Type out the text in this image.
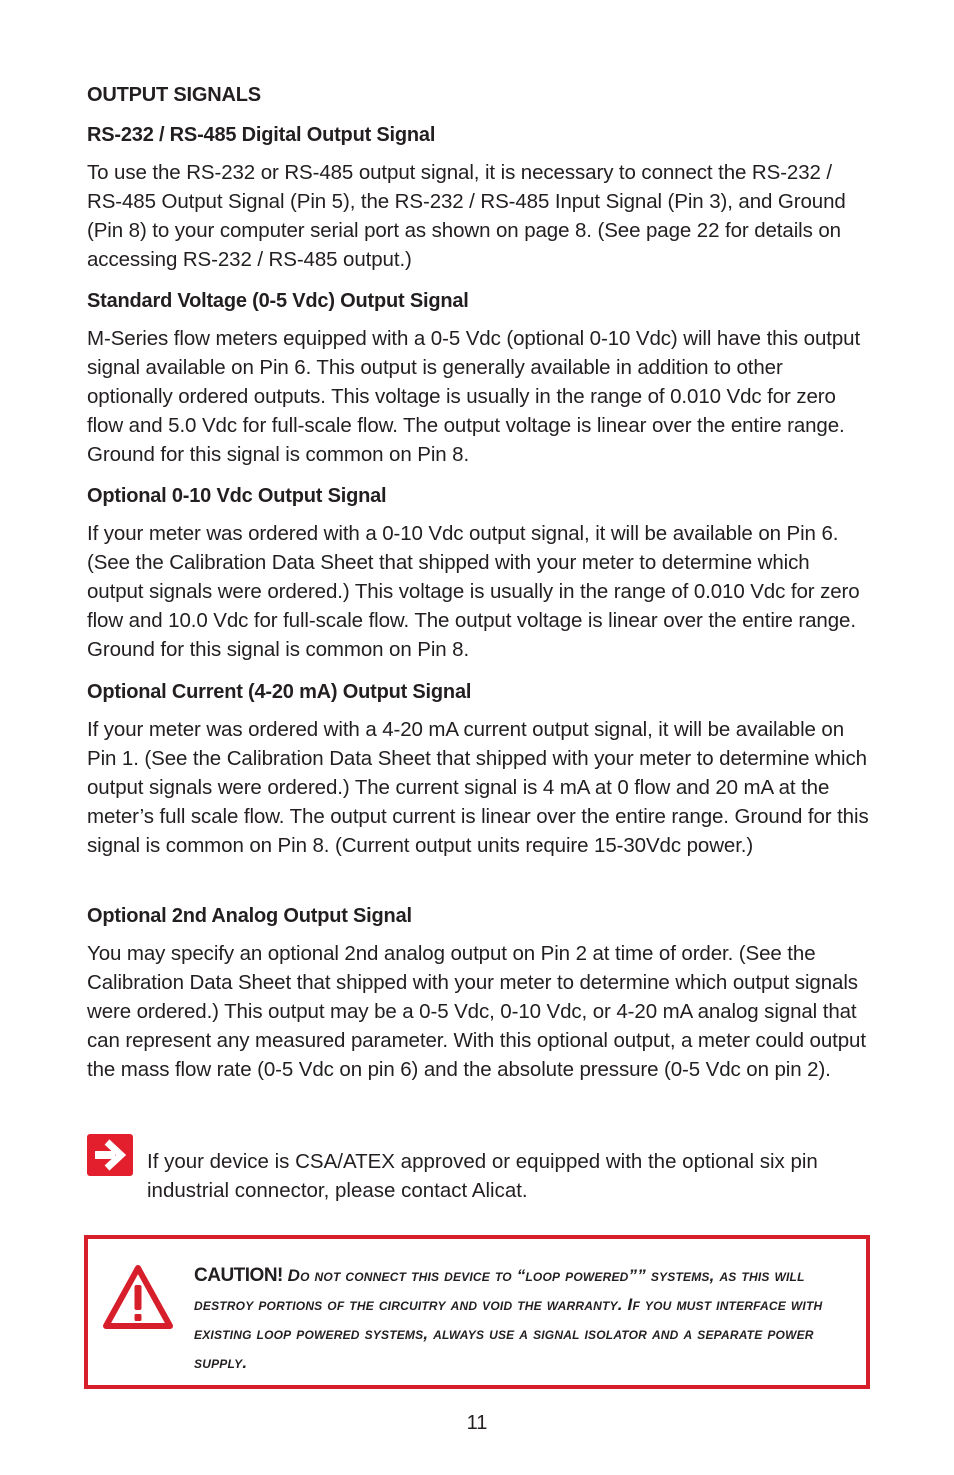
OUTPUT SIGNALS
RS-232 / RS-485 Digital Output Signal

To use the RS-232 or RS-485 output signal, it is necessary to connect the RS-232 / RS-485 Output Signal (Pin 5), the RS-232 / RS-485 Input Signal (Pin 3), and Ground (Pin 8) to your computer serial port as shown on page 8. (See page 22 for details on accessing RS-232 / RS-485 output.)

Standard Voltage (0-5 Vdc) Output Signal

M-Series flow meters equipped with a 0-5 Vdc (optional 0-10 Vdc) will have this output signal available on Pin 6. This output is generally available in addition to other optionally ordered outputs. This voltage is usually in the range of 0.010 Vdc for zero flow and 5.0 Vdc for full-scale flow. The output voltage is linear over the entire range. Ground for this signal is common on Pin 8.

Optional 0-10 Vdc Output Signal

If your meter was ordered with a 0-10 Vdc output signal, it will be available on Pin 6. (See the Calibration Data Sheet that shipped with your meter to determine which output signals were ordered.) This voltage is usually in the range of 0.010 Vdc for zero flow and 10.0 Vdc for full-scale flow. The output voltage is linear over the entire range. Ground for this signal is common on Pin 8.

Optional Current (4-20 mA) Output Signal

If your meter was ordered with a 4-20 mA current output signal, it will be available on Pin 1. (See the Calibration Data Sheet that shipped with your meter to determine which output signals were ordered.) The current signal is 4 mA at 0 flow and 20 mA at the meter’s full scale flow. The output current is linear over the entire range. Ground for this signal is common on Pin 8. (Current output units require 15-30Vdc power.)

Optional 2nd Analog Output Signal

You may specify an optional 2nd analog output on Pin 2 at time of order. (See the Calibration Data Sheet that shipped with your meter to determine which output signals were ordered.) This output may be a 0-5 Vdc, 0-10 Vdc, or 4-20 mA analog signal that can represent any measured parameter. With this optional output, a meter could output the mass flow rate (0-5 Vdc on pin 6) and the absolute pressure (0-5 Vdc on pin 2).

If your device is CSA/ATEX approved or equipped with the optional six pin industrial connector, please contact Alicat.

CAUTION! Do not connect this device to “loop powered”” systems, as this will destroy portions of the circuitry and void the warranty. If you must interface with existing loop powered systems, always use a signal isolator and a separate power supply.
11
